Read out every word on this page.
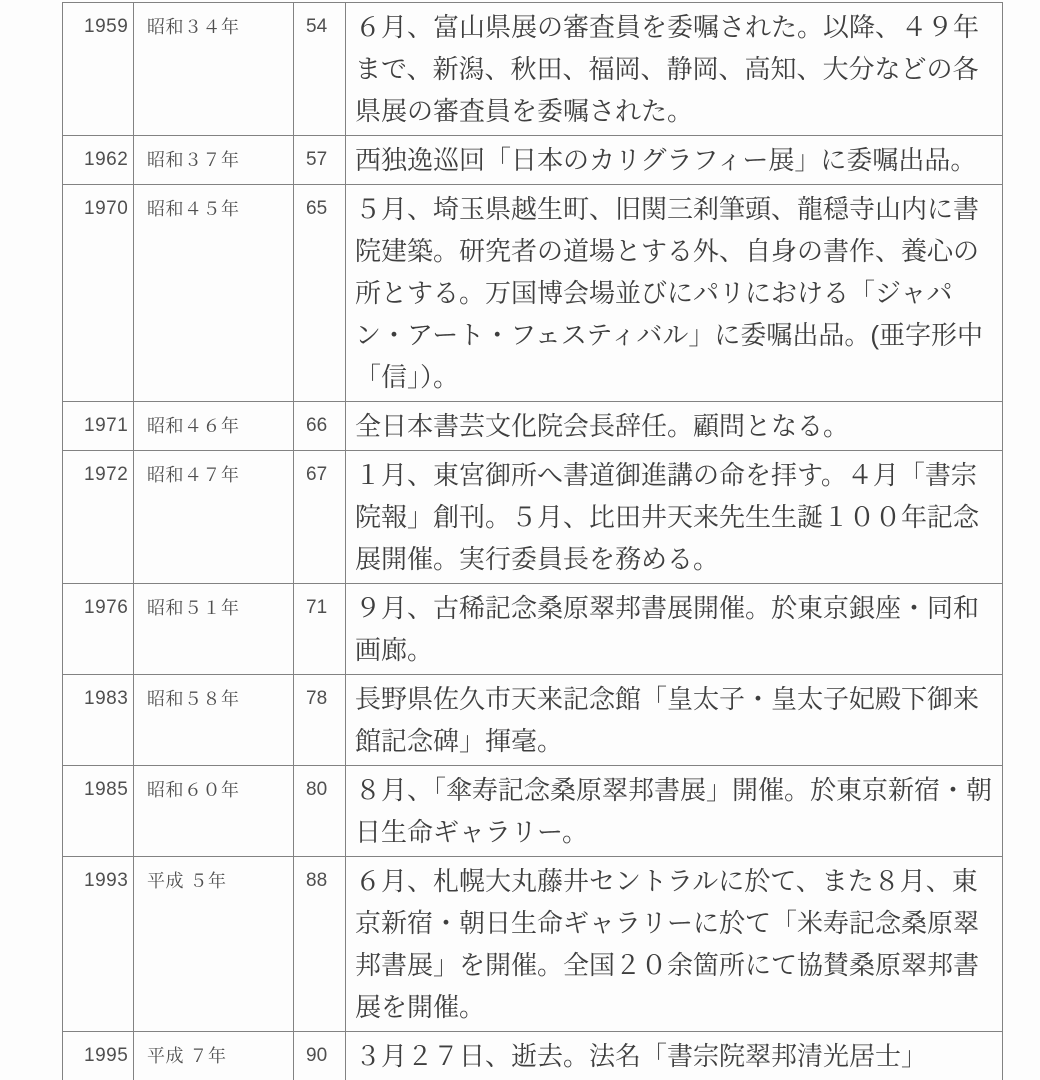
1959	昭和３４年	54	６月、富山県展の審査員を委嘱された。以降、４９年まで、新潟、秋田、福岡、静岡、高知、大分などの各県展の審査員を委嘱された。
1962	昭和３７年	57	西独逸巡回「日本のカリグラフィー展」に委嘱出品。
1970	昭和４５年	65	５月、埼玉県越生町、旧関三刹筆頭、龍穏寺山内に書院建築。研究者の道場とする外、自身の書作、養心の所とする。万国博会場並びにパリにおける「ジャパン・アート・フェスティバル」に委嘱出品。(亜字形中「信」）。
1971	昭和４６年	66	全日本書芸文化院会長辞任。顧問となる。
1972	昭和４７年	67	１月、東宮御所へ書道御進講の命を拝す。４月「書宗院報」創刊。５月、比田井天来先生生誕１００年記念展開催。実行委員長を務める。
1976	昭和５１年	71	９月、古稀記念桑原翠邦書展開催。於東京銀座・同和画廊。
1983	昭和５８年	78	長野県佐久市天来記念館「皇太子・皇太子妃殿下御来館記念碑」揮毫。
1985	昭和６０年	80	８月、「傘寿記念桑原翠邦書展」開催。於東京新宿・朝日生命ギャラリー。
1993	平成 ５年	88	６月、札幌大丸藤井セントラルに於て、また８月、東京新宿・朝日生命ギャラリーに於て「米寿記念桑原翠邦書展」を開催。全国２０余箇所にて協賛桑原翠邦書展を開催。
1995	平成 ７年	90	３月２７日、逝去。法名「書宗院翠邦清光居士」
